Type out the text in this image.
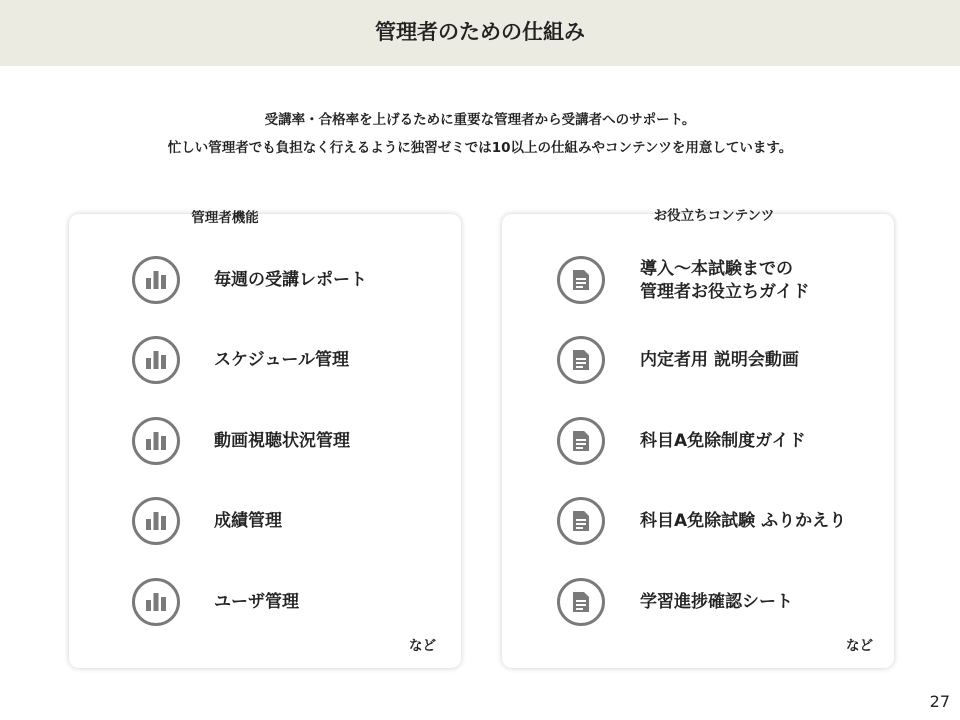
管理者のための仕組み
受講率・合格率を上げるために重要な管理者から受講者へのサポート。
忙しい管理者でも負担なく行えるように独習ゼミでは10以上の仕組みやコンテンツを用意しています。
管理者機能
毎週の受講レポート
スケジュール管理
動画視聴状況管理
成績管理
ユーザ管理
など
お役立ちコンテンツ
導入～本試験までの
管理者お役立ちガイド
内定者用 説明会動画
科目A免除制度ガイド
科目A免除試験 ふりかえり
学習進捗確認シート
など
27
